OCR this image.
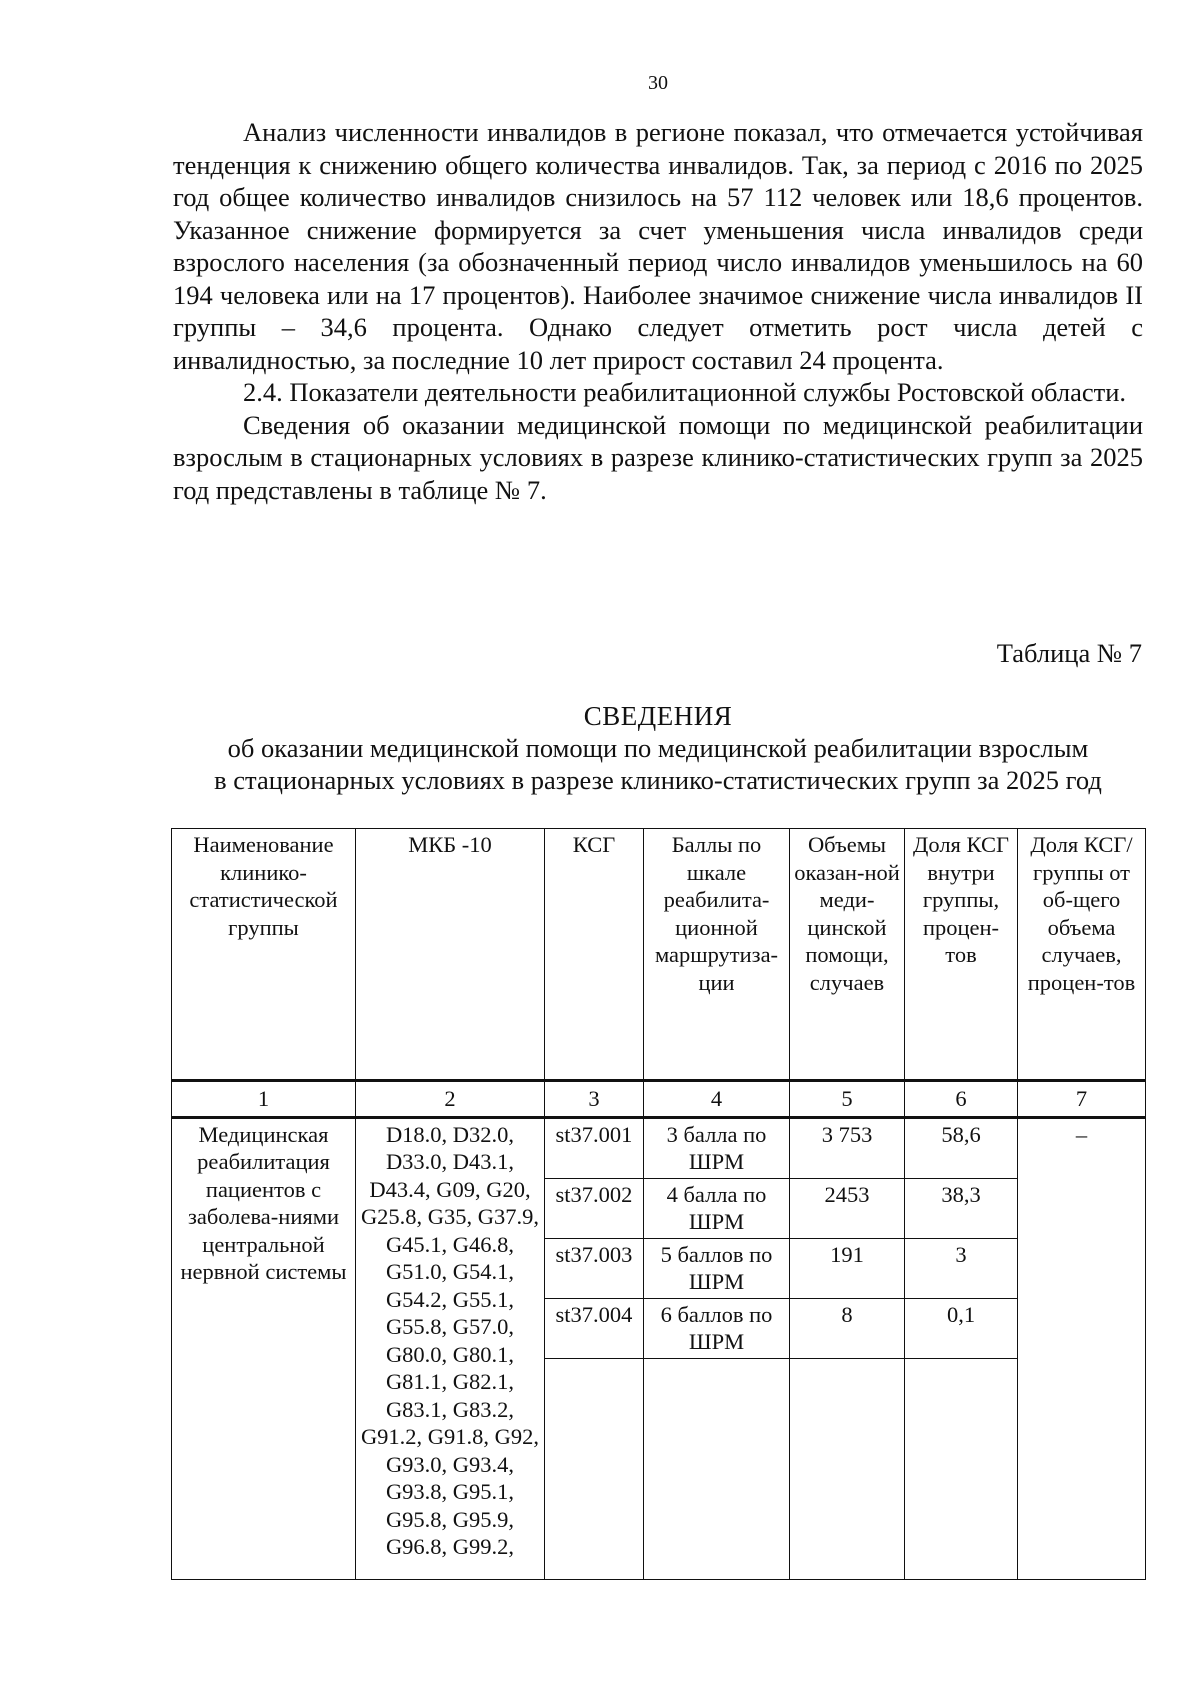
30

Анализ численности инвалидов в регионе показал, что отмечается устойчивая тенденция к снижению общего количества инвалидов. Так, за период с 2016 по 2025 год общее количество инвалидов снизилось на 57 112 человек или 18,6 процентов. Указанное снижение формируется за счет уменьшения числа инвалидов среди взрослого населения (за обозначенный период число инвалидов уменьшилось на 60 194 человека или на 17 процентов). Наиболее значимое снижение числа инвалидов II группы – 34,6 процента. Однако следует отметить рост числа детей с инвалидностью, за последние 10 лет прирост составил 24 процента.

2.4. Показатели деятельности реабилитационной службы Ростовской области.

Сведения об оказании медицинской помощи по медицинской реабилитации взрослым в стационарных условиях в разрезе клинико-статистических групп за 2025 год представлены в таблице № 7.

Таблица № 7
СВЕДЕНИЯ
об оказании медицинской помощи по медицинской реабилитации взрослым
в стационарных условиях в разрезе клинико-статистических групп за 2025 год
Наименование клинико-статистической группы	МКБ -10	КСГ	Баллы по шкале реабилита-ционной маршрутиза-ции	Объемы оказан-ной меди-цинской помощи, случаев	Доля КСГ внутри группы, процен-тов	Доля КСГ/ группы от об-щего объема случаев, процен-тов
1	2	3	4	5	6	7
Медицинская реабилитация пациентов с заболева-ниями центральной нервной системы	D18.0, D32.0, D33.0, D43.1, D43.4, G09, G20, G25.8, G35, G37.9, G45.1, G46.8, G51.0, G54.1, G54.2, G55.1, G55.8, G57.0, G80.0, G80.1, G81.1, G82.1, G83.1, G83.2, G91.2, G91.8, G92, G93.0, G93.4, G93.8, G95.1, G95.8, G95.9, G96.8, G99.2,	st37.001	3 балла по ШРМ	3 753	58,6	–
		st37.002	4 балла по ШРМ	2453	38,3	
		st37.003	5 баллов по ШРМ	191	3	
		st37.004	6 баллов по ШРМ	8	0,1	
